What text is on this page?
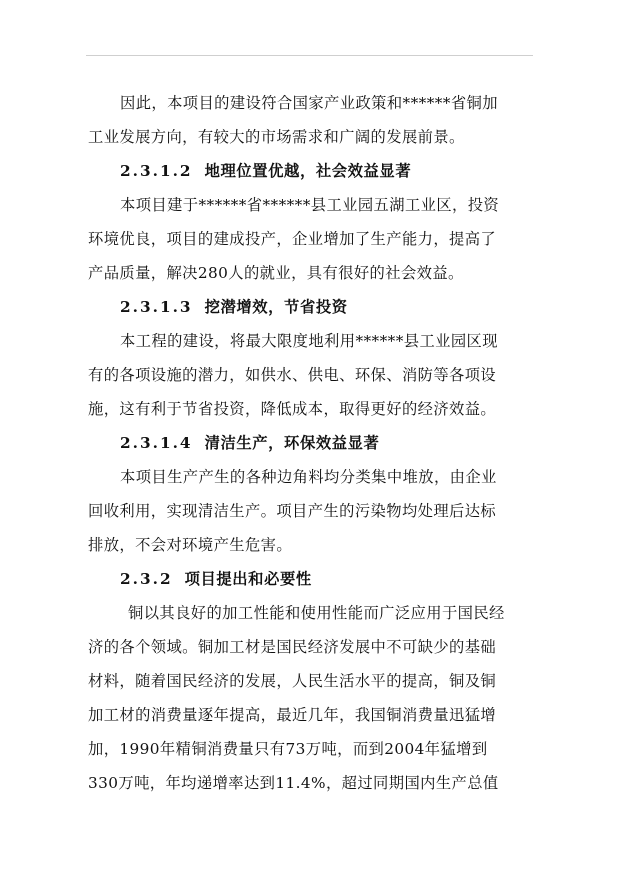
因此，本项目的建设符合国家产业政策和******省铜加
工业发展方向，有较大的市场需求和广阔的发展前景。
2.3.1.2 地理位置优越，社会效益显著
本项目建于******省******县工业园五湖工业区，投资
环境优良，项目的建成投产，企业增加了生产能力，提高了
产品质量，解决280人的就业，具有很好的社会效益。
2.3.1.3 挖潜增效，节省投资
本工程的建设，将最大限度地利用******县工业园区现
有的各项设施的潜力，如供水、供电、环保、消防等各项设
施，这有利于节省投资，降低成本，取得更好的经济效益。
2.3.1.4 清洁生产，环保效益显著
本项目生产产生的各种边角料均分类集中堆放，由企业
回收利用，实现清洁生产。项目产生的污染物均处理后达标
排放，不会对环境产生危害。
2.3.2 项目提出和必要性
铜以其良好的加工性能和使用性能而广泛应用于国民经
济的各个领域。铜加工材是国民经济发展中不可缺少的基础
材料，随着国民经济的发展，人民生活水平的提高，铜及铜
加工材的消费量逐年提高，最近几年，我国铜消费量迅猛增
加，1990年精铜消费量只有73万吨，而到2004年猛增到
330万吨，年均递增率达到11.4%，超过同期国内生产总值
